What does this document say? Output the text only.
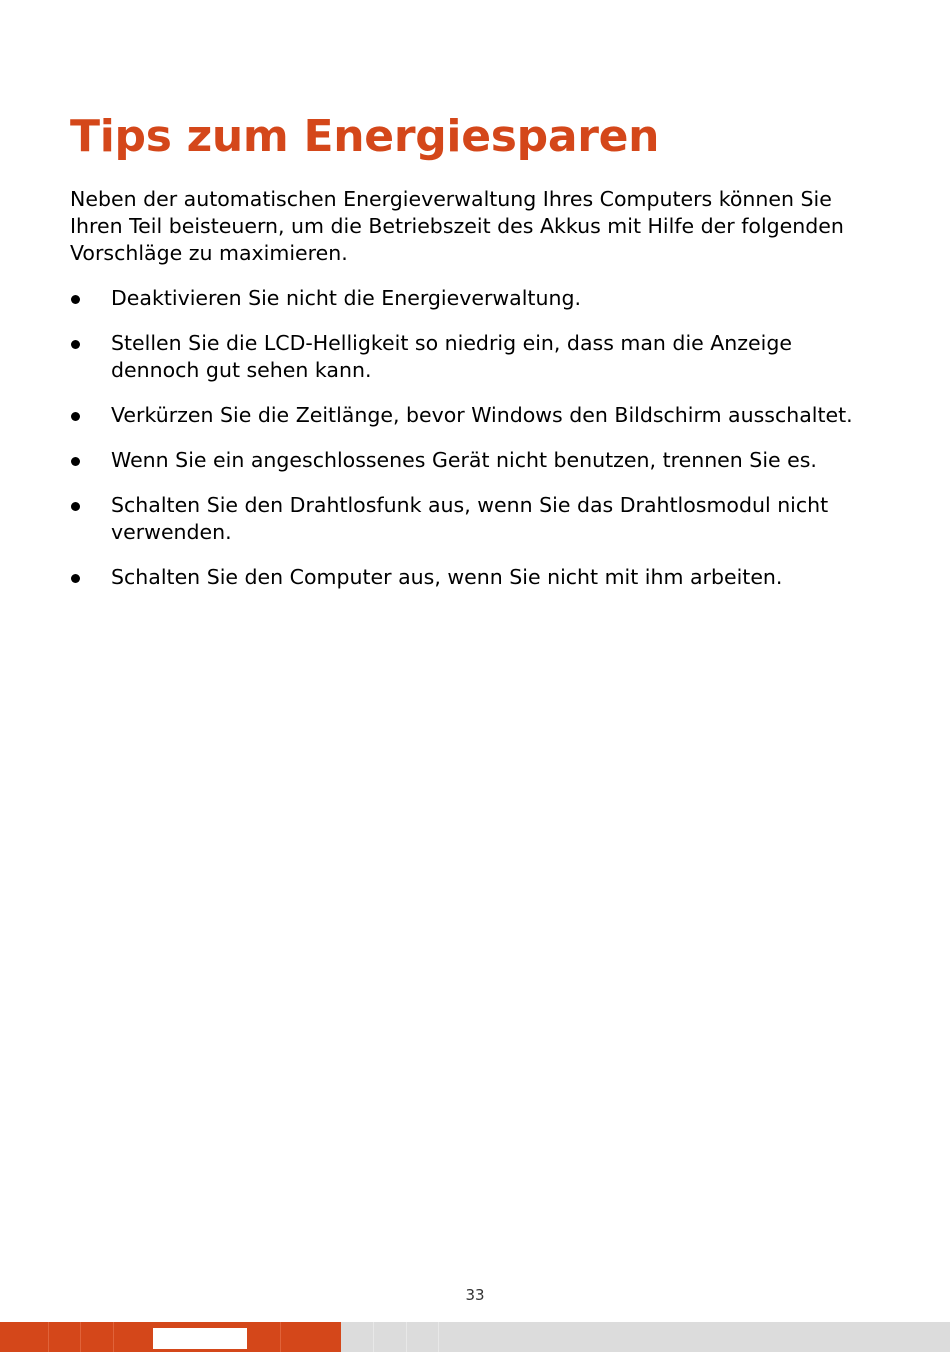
Tips zum Energiesparen

Neben der automatischen Energieverwaltung Ihres Computers können Sie Ihren Teil beisteuern, um die Betriebszeit des Akkus mit Hilfe der folgenden Vorschläge zu maximieren.

Deaktivieren Sie nicht die Energieverwaltung.
Stellen Sie die LCD-Helligkeit so niedrig ein, dass man die Anzeige dennoch gut sehen kann.
Verkürzen Sie die Zeitlänge, bevor Windows den Bildschirm ausschaltet.
Wenn Sie ein angeschlossenes Gerät nicht benutzen, trennen Sie es.
Schalten Sie den Drahtlosfunk aus, wenn Sie das Drahtlosmodul nicht verwenden.
Schalten Sie den Computer aus, wenn Sie nicht mit ihm arbeiten.
33
